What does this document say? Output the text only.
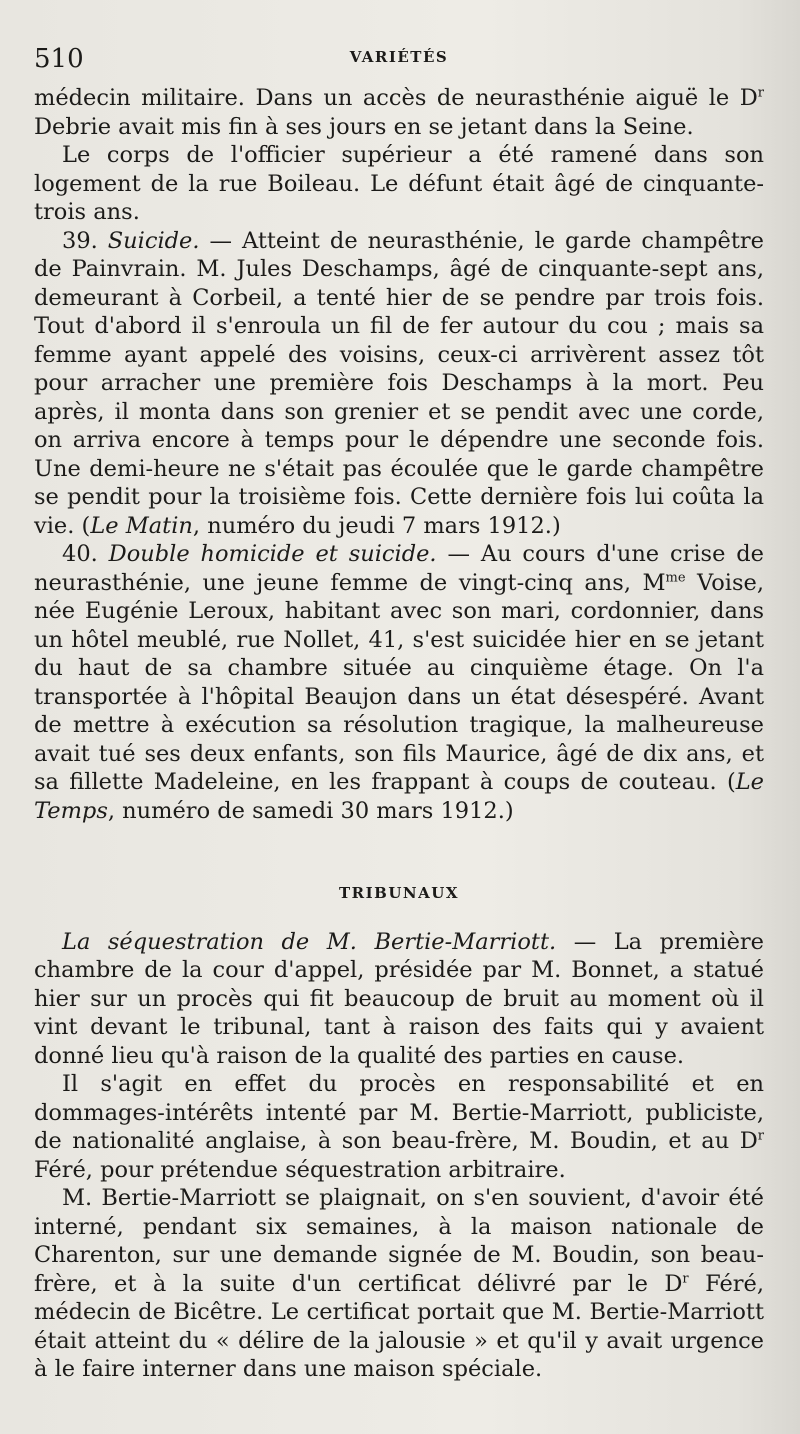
510	VARIÉTÉS

médecin militaire. Dans un accès de neurasthénie aiguë le $D^r$ Debrie avait mis fin à ses jours en se jetant dans la Seine.

Le corps de l'officier supérieur a été ramené dans son logement de la rue Boileau. Le défunt était âgé de cinquante-trois ans.

39. Suicide. — Atteint de neurasthénie, le garde champêtre de Painvrain. M. Jules Deschamps, âgé de cinquante-sept ans, demeurant à Corbeil, a tenté hier de se pendre par trois fois. Tout d'abord il s'enroula un fil de fer autour du cou ; mais sa femme ayant appelé des voisins, ceux-ci arrivèrent assez tôt pour arracher une première fois Deschamps à la mort. Peu après, il monta dans son grenier et se pendit avec une corde, on arriva encore à temps pour le dépendre une seconde fois. Une demi-heure ne s'était pas écoulée que le garde champêtre se pendit pour la troisième fois. Cette dernière fois lui coûta la vie. (Le Matin, numéro du jeudi 7 mars 1912.)

40. Double homicide et suicide. — Au cours d'une crise de neurasthénie, une jeune femme de vingt-cinq ans, $M^{me}$ Voise, née Eugénie Leroux, habitant avec son mari, cordonnier, dans un hôtel meublé, rue Nollet, 41, s'est suicidée hier en se jetant du haut de sa chambre située au cinquième étage. On l'a transportée à l'hôpital Beaujon dans un état désespéré. Avant de mettre à exécution sa résolution tragique, la malheureuse avait tué ses deux enfants, son fils Maurice, âgé de dix ans, et sa fillette Madeleine, en les frappant à coups de couteau. (Le Temps, numéro de samedi 30 mars 1912.)

TRIBUNAUX

La séquestration de M. Bertie-Marriott. — La première chambre de la cour d'appel, présidée par M. Bonnet, a statué hier sur un procès qui fit beaucoup de bruit au moment où il vint devant le tribunal, tant à raison des faits qui y avaient donné lieu qu'à raison de la qualité des parties en cause.

Il s'agit en effet du procès en responsabilité et en dommages-intérêts intenté par M. Bertie-Marriott, publiciste, de nationalité anglaise, à son beau-frère, M. Boudin, et au $D^r$ Féré, pour prétendue séquestration arbitraire.

M. Bertie-Marriott se plaignait, on s'en souvient, d'avoir été interné, pendant six semaines, à la maison nationale de Charenton, sur une demande signée de M. Boudin, son beau-frère, et à la suite d'un certificat délivré par le $D^r$ Féré, médecin de Bicêtre. Le certificat portait que M. Bertie-Marriott était atteint du « délire de la jalousie » et qu'il y avait urgence à le faire interner dans une maison spéciale.
